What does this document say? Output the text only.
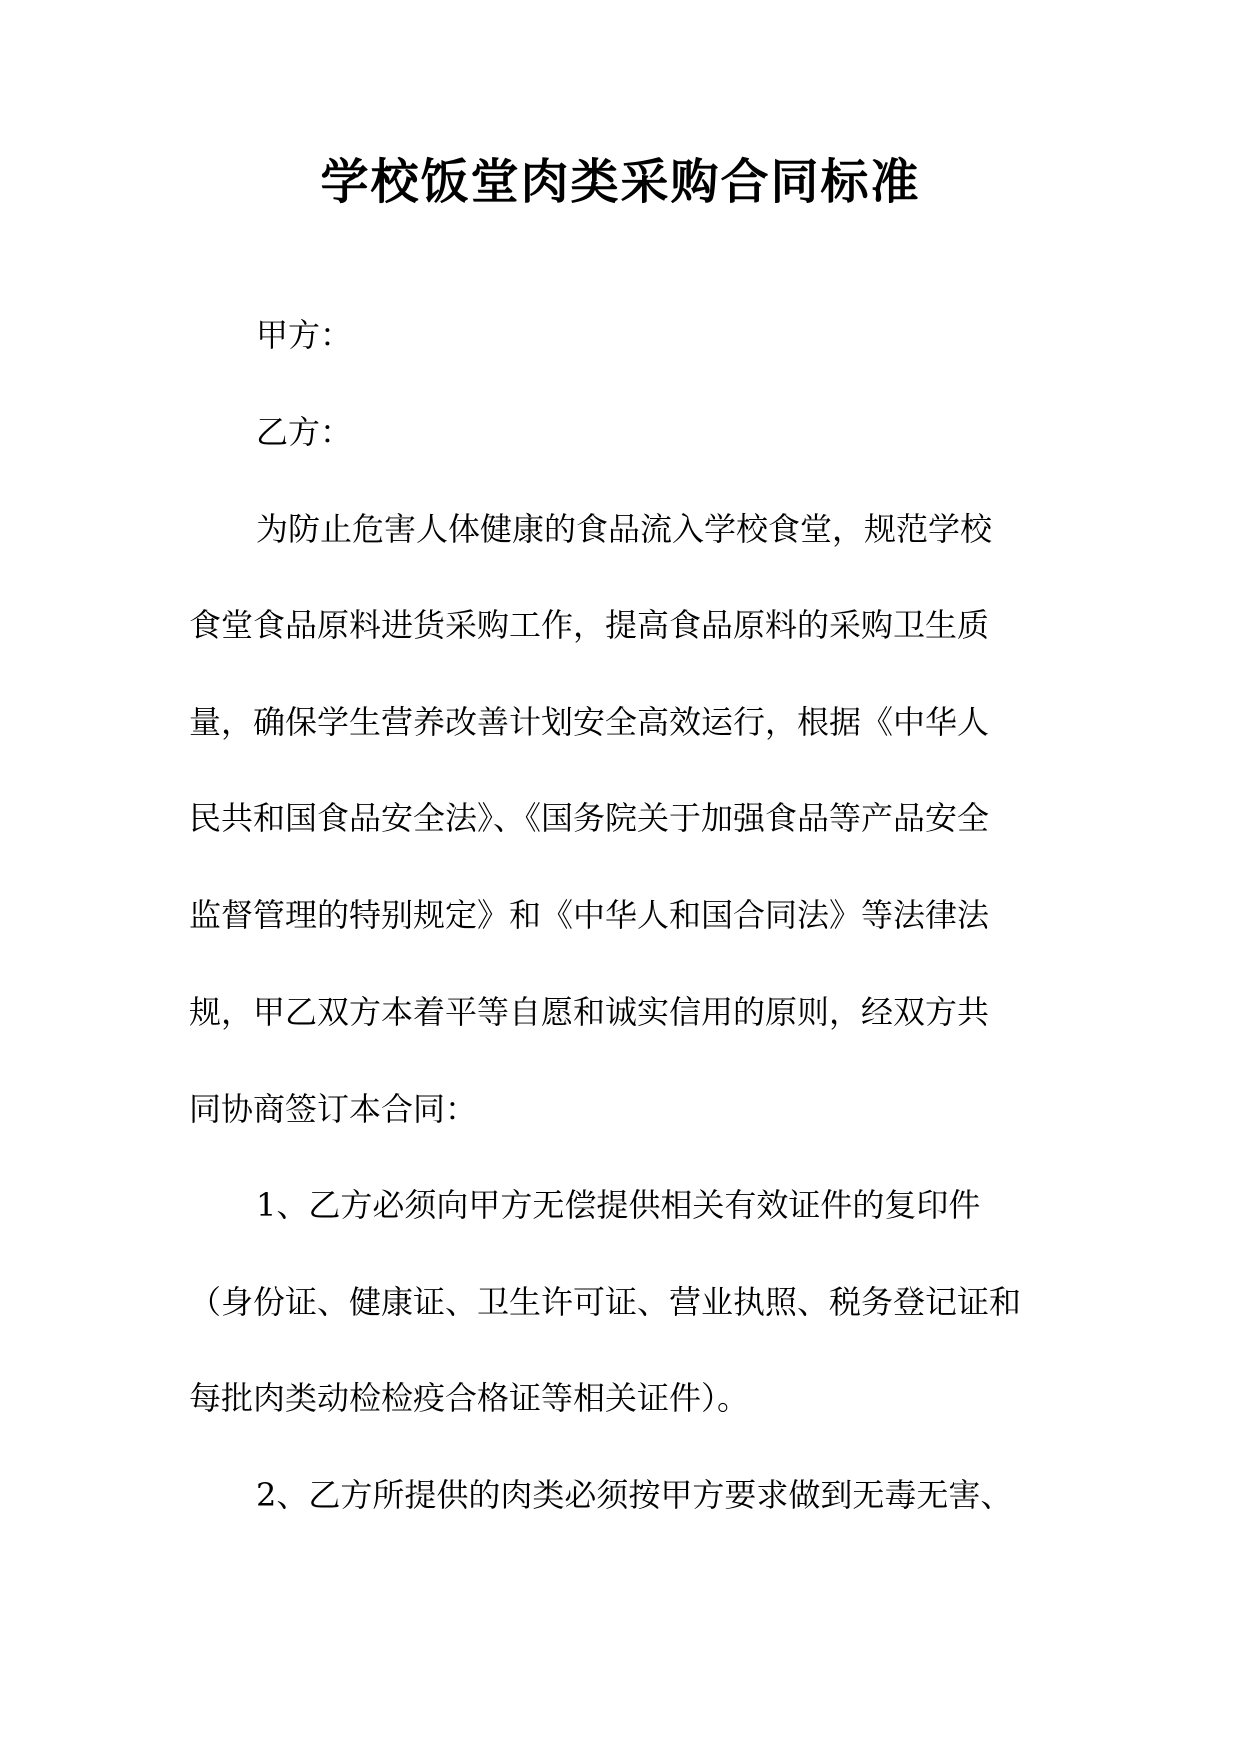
学校饭堂肉类采购合同标准
甲方：
乙方：
为防止危害人体健康的食品流入学校食堂，规范学校
食堂食品原料进货采购工作，提高食品原料的采购卫生质
量，确保学生营养改善计划安全高效运行，根据《中华人
民共和国食品安全法》、《国务院关于加强食品等产品安全
监督管理的特别规定》和《中华人和国合同法》等法律法
规，甲乙双方本着平等自愿和诚实信用的原则，经双方共
同协商签订本合同：
1、乙方必须向甲方无偿提供相关有效证件的复印件
（身份证、健康证、卫生许可证、营业执照、税务登记证和
每批肉类动检检疫合格证等相关证件）。
2、乙方所提供的肉类必须按甲方要求做到无毒无害、
